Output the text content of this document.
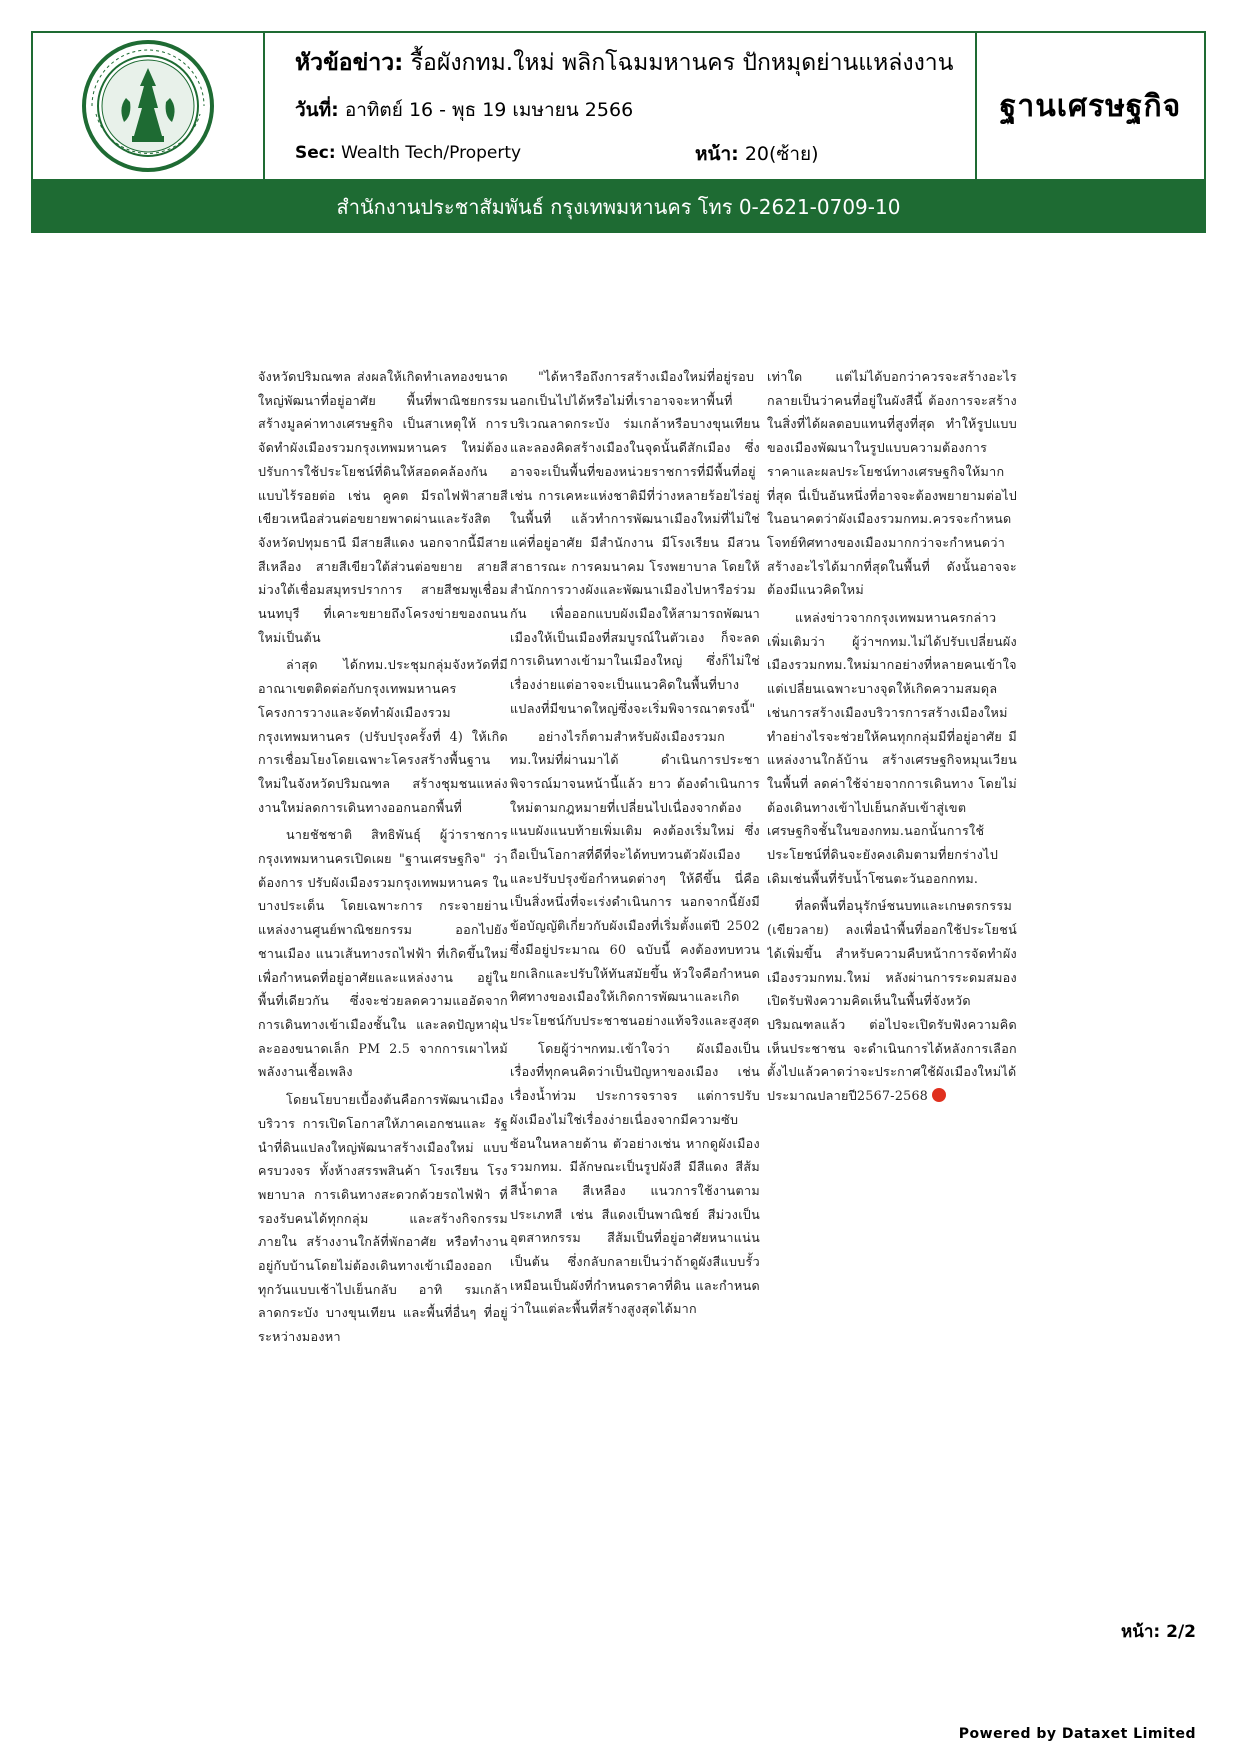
หัวข้อข่าว: รื้อผังกทม.ใหม่ พลิกโฉมมหานคร ปักหมุดย่านแหล่งงาน
วันที่: อาทิตย์ 16 - พุธ 19 เมษายน 2566
Sec: Wealth Tech/Property	หน้า: 20(ซ้าย)
ฐานเศรษฐกิจ
สำนักงานประชาสัมพันธ์ กรุงเทพมหานคร โทร 0-2621-0709-10

จังหวัดปริมณฑล ส่งผลให้เกิดทำเลทองขนาดใหญ่พัฒนาที่อยู่อาศัย พื้นที่พาณิชยกรรม สร้างมูลค่าทางเศรษฐกิจ เป็นสาเหตุให้ การจัดทำผังเมืองรวมกรุงเทพมหานคร ใหม่ต้องปรับการใช้ประโยชน์ที่ดินให้สอดคล้องกันแบบไร้รอยต่อ เช่น คูคต มีรถไฟฟ้าสายสีเขียวเหนือส่วนต่อขยายพาดผ่านและรังสิต จังหวัดปทุมธานี มีสายสีแดง นอกจากนี้มีสายสีเหลือง สายสีเขียวใต้ส่วนต่อขยาย สายสีม่วงใต้เชื่อมสมุทรปราการ สายสีชมพูเชื่อมนนทบุรี ที่เคาะขยายถึงโครงข่ายของถนนใหม่เป็นต้น

ล่าสุด ได้กทม.ประชุมกลุ่มจังหวัดที่มีอาณาเขตติดต่อกับกรุงเทพมหานครโครงการวางและจัดทำผังเมืองรวมกรุงเทพมหานคร (ปรับปรุงครั้งที่ 4) ให้เกิดการเชื่อมโยงโดยเฉพาะโครงสร้างพื้นฐานใหม่ในจังหวัดปริมณฑล สร้างชุมชนแหล่งงานใหม่ลดการเดินทางออกนอกพื้นที่

นายชัชชาติ สิทธิพันธุ์ ผู้ว่าราชการกรุงเทพมหานครเปิดเผย "ฐานเศรษฐกิจ" ว่า ต้องการ ปรับผังเมืองรวมกรุงเทพมหานคร ในบางประเด็น โดยเฉพาะการ กระจายย่านแหล่งงานศูนย์พาณิชยกรรม ออกไปยังชานเมือง แนวเส้นทางรถไฟฟ้า ที่เกิดขึ้นใหม่ เพื่อกำหนดที่อยู่อาศัยและแหล่งงาน อยู่ในพื้นที่เดียวกัน ซึ่งจะช่วยลดความแออัดจากการเดินทางเข้าเมืองชั้นใน และลดปัญหาฝุ่นละอองขนาดเล็ก PM 2.5 จากการเผาไหม้พลังงานเชื้อเพลิง

โดยนโยบายเบื้องต้นคือการพัฒนาเมืองบริวาร การเปิดโอกาสให้ภาคเอกชนและ รัฐนำที่ดินแปลงใหญ่พัฒนาสร้างเมืองใหม่ แบบครบวงจร ทั้งห้างสรรพสินค้า โรงเรียน โรงพยาบาล การเดินทางสะดวกด้วยรถไฟฟ้า ที่รองรับคนได้ทุกกลุ่ม และสร้างกิจกรรมภายใน สร้างงานใกล้ที่พักอาศัย หรือทำงานอยู่กับบ้านโดยไม่ต้องเดินทางเข้าเมืองออกทุกวันแบบเช้าไปเย็นกลับ อาทิ รมเกล้า ลาดกระบัง บางขุนเทียน และพื้นที่อื่นๆ ที่อยู่ระหว่างมองหา

"ได้หารือถึงการสร้างเมืองใหม่ที่อยู่รอบนอกเป็นไปได้หรือไม่ที่เราอาจจะหาพื้นที่บริเวณลาดกระบัง ร่มเกล้าหรือบางขุนเทียน และลองคิดสร้างเมืองในจุดนั้นดีสักเมือง ซึ่งอาจจะเป็นพื้นที่ของหน่วยราชการที่มีพื้นที่อยู่ เช่น การเคหะแห่งชาติมีที่ว่างหลายร้อยไร่อยู่ในพื้นที่ แล้วทำการพัฒนาเมืองใหม่ที่ไม่ใช่แค่ที่อยู่อาศัย มีสำนักงาน มีโรงเรียน มีสวนสาธารณะ การคมนาคม โรงพยาบาล โดยให้สำนักการวางผังและพัฒนาเมืองไปหารือร่วมกัน เพื่อออกแบบผังเมืองให้สามารถพัฒนาเมืองให้เป็นเมืองที่สมบูรณ์ในตัวเอง ก็จะลดการเดินทางเข้ามาในเมืองใหญ่ ซึ่งก็ไม่ใช่เรื่องง่ายแต่อาจจะเป็นแนวคิดในพื้นที่บางแปลงที่มีขนาดใหญ่ซึ่งจะเริ่มพิจารณาตรงนี้"

อย่างไรก็ตามสำหรับผังเมืองรวมกทม.ใหม่ที่ผ่านมาได้ ดำเนินการประชาพิจารณ์มาจนหน้านี้แล้ว ยาว ต้องดำเนินการใหม่ตามกฎหมายที่เปลี่ยนไปเนื่องจากต้องแนบผังแนบท้ายเพิ่มเติม คงต้องเริ่มใหม่ ซึ่งถือเป็นโอกาสที่ดีที่จะได้ทบทวนตัวผังเมืองและปรับปรุงข้อกำหนดต่างๆ ให้ดีขึ้น นี่คือเป็นสิ่งหนึ่งที่จะเร่งดำเนินการ นอกจากนี้ยังมีข้อบัญญัติเกี่ยวกับผังเมืองที่เริ่มตั้งแต่ปี 2502 ซึ่งมีอยู่ประมาณ 60 ฉบับนี้ คงต้องทบทวน ยกเลิกและปรับให้ทันสมัยขึ้น หัวใจคือกำหนดทิศทางของเมืองให้เกิดการพัฒนาและเกิดประโยชน์กับประชาชนอย่างแท้จริงและสูงสุด

โดยผู้ว่าฯกทม.เข้าใจว่า ผังเมืองเป็นเรื่องที่ทุกคนคิดว่าเป็นปัญหาของเมือง เช่น เรื่องน้ำท่วม ประการจราจร แต่การปรับผังเมืองไม่ใช่เรื่องง่ายเนื่องจากมีความซับซ้อนในหลายด้าน ตัวอย่างเช่น หากดูผังเมืองรวมกทม. มีลักษณะเป็นรูปผังสี มีสีแดง สีส้ม สีน้ำตาล สีเหลือง แนวการใช้งานตามประเภทสี เช่น สีแดงเป็นพาณิชย์ สีม่วงเป็นอุตสาหกรรม สีส้มเป็นที่อยู่อาศัยหนาแน่น เป็นต้น ซึ่งกลับกลายเป็นว่าถ้าดูผังสีแบบรั้วเหมือนเป็นผังที่กำหนดราคาที่ดิน และกำหนดว่าในแต่ละพื้นที่สร้างสูงสุดได้มาก

เท่าใด แต่ไม่ได้บอกว่าควรจะสร้างอะไร กลายเป็นว่าคนที่อยู่ในผังสีนี้ ต้องการจะสร้างในสิ่งที่ได้ผลตอบแทนที่สูงที่สุด ทำให้รูปแบบของเมืองพัฒนาในรูปแบบความต้องการราคาและผลประโยชน์ทางเศรษฐกิจให้มากที่สุด นี่เป็นอันหนึ่งที่อาจจะต้องพยายามต่อไปในอนาคตว่าผังเมืองรวมกทม.ควรจะกำหนดโจทย์ทิศทางของเมืองมากกว่าจะกำหนดว่าสร้างอะไรได้มากที่สุดในพื้นที่ ดังนั้นอาจจะต้องมีแนวคิดใหม่

แหล่งข่าวจากกรุงเทพมหานครกล่าวเพิ่มเติมว่า ผู้ว่าฯกทม.ไม่ได้ปรับเปลี่ยนผังเมืองรวมกทม.ใหม่มากอย่างที่หลายคนเข้าใจแต่เปลี่ยนเฉพาะบางจุดให้เกิดความสมดุลเช่นการสร้างเมืองบริวารการสร้างเมืองใหม่ ทำอย่างไรจะช่วยให้คนทุกกลุ่มมีที่อยู่อาศัย มีแหล่งงานใกล้บ้าน สร้างเศรษฐกิจหมุนเวียนในพื้นที่ ลดค่าใช้จ่ายจากการเดินทาง โดยไม่ต้องเดินทางเข้าไปเย็นกลับเข้าสู่เขตเศรษฐกิจชั้นในของกทม.นอกนั้นการใช้ประโยชน์ที่ดินจะยังคงเดิมตามที่ยกร่างไปเดิมเช่นพื้นที่รับน้ำโซนตะวันออกกทม.

ที่ลดพื้นที่อนุรักษ์ชนบทและเกษตรกรรม (เขียวลาย) ลงเพื่อนำพื้นที่ออกใช้ประโยชน์ได้เพิ่มขึ้น สำหรับความคืบหน้าการจัดทำผังเมืองรวมกทม.ใหม่ หลังผ่านการระดมสมองเปิดรับฟังความคิดเห็นในพื้นที่จังหวัดปริมณฑลแล้ว ต่อไปจะเปิดรับฟังความคิดเห็นประชาชน จะดำเนินการได้หลังการเลือกตั้งไปแล้วคาดว่าจะประกาศใช้ผังเมืองใหม่ได้ประมาณปลายปี2567-2568

หน้า: 2/2
Powered by Dataxet Limited
